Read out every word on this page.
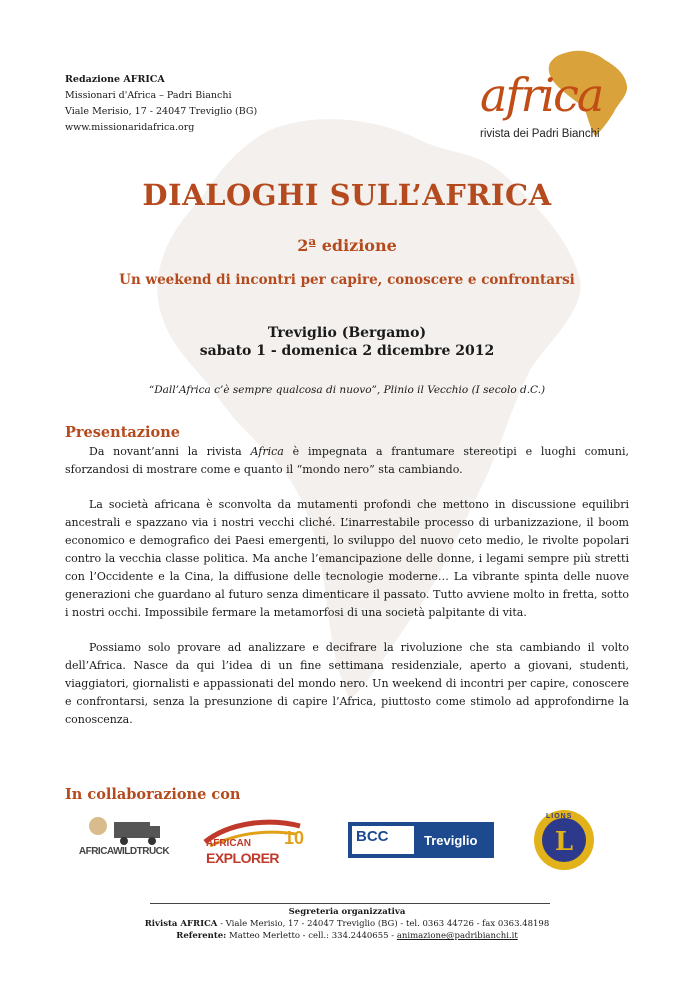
Redazione AFRICA
Missionari d'Africa – Padri Bianchi
Viale Merisio, 17 - 24047 Treviglio (BG)
www.missionaridafrica.org
africa
rivista dei Padri Bianchi
DIALOGHI SULL’AFRICA
2ª edizione
Un weekend di incontri per capire, conoscere e confrontarsi
Treviglio (Bergamo)
sabato 1 - domenica 2 dicembre 2012
“Dall’Africa c’è sempre qualcosa di nuovo”, Plinio il Vecchio (I secolo d.C.)
Presentazione

Da novant’anni la rivista Africa è impegnata a frantumare stereotipi e luoghi comuni, sforzandosi di mostrare come e quanto il “mondo nero” sta cambiando.

La società africana è sconvolta da mutamenti profondi che mettono in discussione equilibri ancestrali e spazzano via i nostri vecchi cliché. L’inarrestabile processo di urbanizzazione, il boom economico e demografico dei Paesi emergenti, lo sviluppo del nuovo ceto medio, le rivolte popolari contro la vecchia classe politica. Ma anche l’emancipazione delle donne, i legami sempre più stretti con l’Occidente e la Cina, la diffusione delle tecnologie moderne… La vibrante spinta delle nuove generazioni che guardano al futuro senza dimenticare il passato. Tutto avviene molto in fretta, sotto i nostri occhi. Impossibile fermare la metamorfosi di una società palpitante di vita.

Possiamo solo provare ad analizzare e decifrare la rivoluzione che sta cambiando il volto dell’Africa. Nasce da qui l’idea di un fine settimana residenziale, aperto a giovani, studenti, viaggiatori, giornalisti e appassionati del mondo nero. Un weekend di incontri per capire, conoscere e confrontarsi, senza la presunzione di capire l’Africa, piuttosto come stimolo ad approfondirne la conoscenza.

In collaborazione con
AFRICAWILDTRUCK
AFRICAN
EXPLORER
10	BCC	Treviglio	L
LIONS
Segreteria organizzativa
Rivista AFRICA - Viale Merisio, 17 - 24047 Treviglio (BG) - tel. 0363 44726 - fax 0363.48198
Referente: Matteo Merletto - cell.: 334.2440655 - animazione@padribianchi.it
